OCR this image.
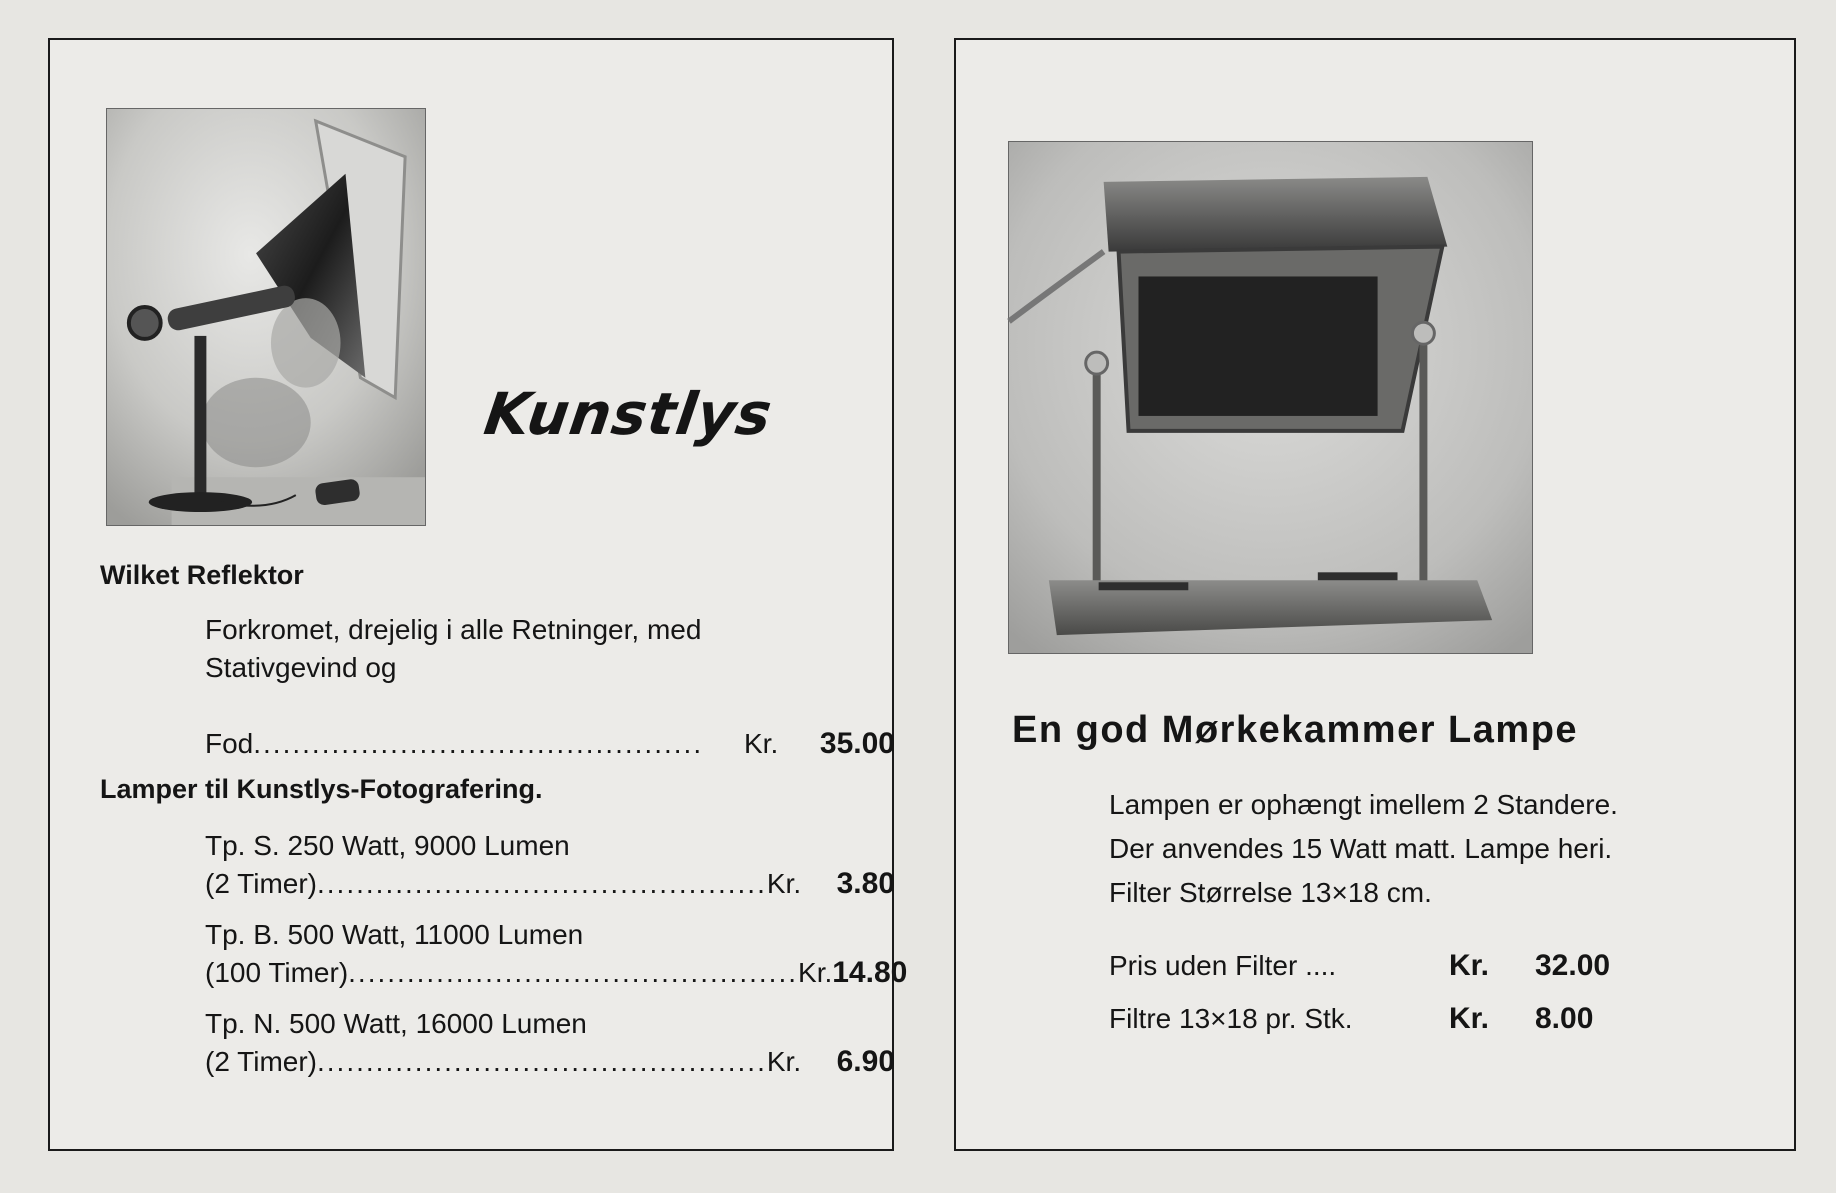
Kunstlys
Wilket Reflektor

Forkromet, drejelig i alle Retninger, med Stativgevind og

Fod ..............................................	Kr.	35.00
Lamper til Kunstlys-Fotografering.
Tp. S. 250 Watt, 9000 Lumen
(2 Timer) .............................................. Kr.	3.80
Tp. B. 500 Watt, 11000 Lumen
(100 Timer) .............................................. Kr. 14.80
Tp. N. 500 Watt, 16000 Lumen
(2 Timer) .............................................. Kr.	6.90
En god Mørkekammer Lampe
Lampen er ophængt imellem 2 Standere.
Der anvendes 15 Watt matt. Lampe heri.
Filter Størrelse 13×18 cm.
Pris uden Filter ....	Kr.	32.00
Filtre 13×18 pr. Stk.	Kr.	8.00
